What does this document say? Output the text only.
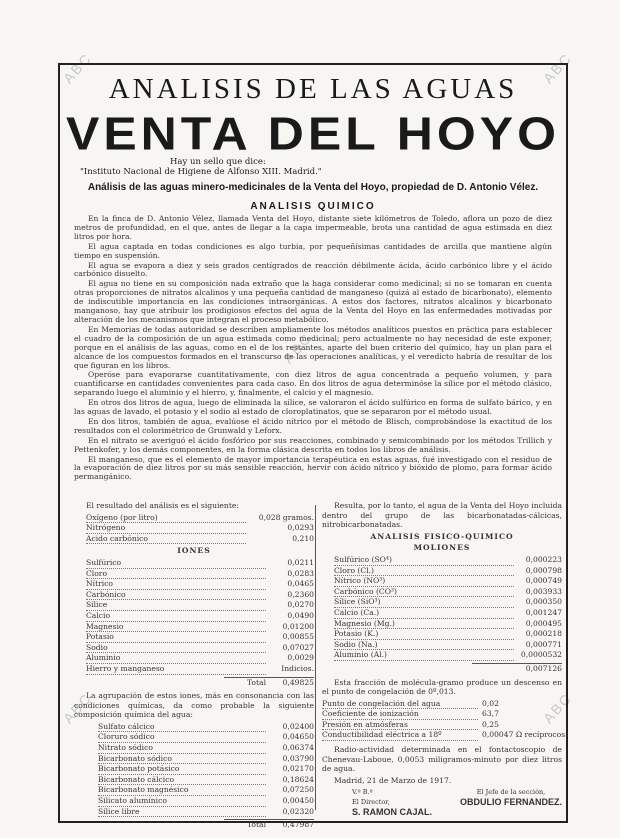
ABC	ABC
ABC
ABC	ABC
ANALISIS DE LAS AGUAS
VENTA DEL HOYO
Hay un sello que dice:
"Instituto Nacional de Higiene de Alfonso XIII. Madrid."
Análisis de las aguas minero-medicinales de la Venta del Hoyo, propiedad de D. Antonio Vélez.
ANALISIS QUIMICO

En la finca de D. Antonio Vélez, llamada Venta del Hoyo, distante siete kilómetros de Toledo, aflora un pozo de diez metros de profundidad, en el que, antes de llegar a la capa impermeable, brota una cantidad de agua estimada en diez litros por hora.

El agua captada en todas condiciones es algo turbia, por pequeñísimas cantidades de arcilla que mantiene algún tiempo en suspensión.

El agua se evapora a diez y seis grados centígrados de reacción débilmente ácida, ácido carbónico libre y el ácido carbónico disuelto.

El agua no tiene en su composición nada extraño que la haga considerar como medicinal; si no se tomaran en cuenta otras proporciones de nitratos alcalinos y una pequeña cantidad de manganeso (quizá al estado de bicarbonato), elemento de indiscutible importancia en las condiciones intraorgánicas. A estos dos factores, nitratos alcalinos y bicarbonato manganoso, hay que atribuir los prodigiosos efectos del agua de la Venta del Hoyo en las enfermedades motivadas por alteración de los mecanismos que integran el proceso metabólico.

En Memorias de todas autoridad se describen ampliamente los métodos analíticos puestos en práctica para establecer el cuadro de la composición de un agua estimada como medicinal; pero actualmente no hay necesidad de este exponer, porque en el análisis de las aguas, como en el de los restantes, aparte del buen criterio del químico, hay un plan para el alcance de los compuestos formados en el transcurso de las operaciones analíticas, y el veredicto habría de resultar de los que figuran en los libros.

Operóse para evaporarse cuantitativamente, con diez litros de agua concentrada a pequeño volumen, y para cuantificarse en cantidades convenientes para cada caso. En dos litros de agua determinóse la sílice por el método clásico, separando luego el aluminio y el hierro, y, finalmente, el calcio y el magnesio.

En otros dos litros de agua, luego de eliminada la sílice, se valoraron el ácido sulfúrico en forma de sulfato bárico, y en las aguas de lavado, el potasio y el sodio al estado de cloroplatinatos, que se separaron por el método usual.

En dos litros, también de agua, evalúose el ácido nítrico por el método de Blisch, comprobándose la exactitud de los resultados con el colorimétrico de Grunwald y Leforx.

En el nitrato se averiguó el ácido fosfórico por sus reacciones, combinado y semicombinado por los métodos Trillich y Pettenkofer, y los demás componentes, en la forma clásica descrita en todos los libros de análisis.

El manganeso, que es el elemento de mayor importancia terapéutica en estas aguas, fué investigado con el residuo de la evaporación de diez litros por su más sensible reacción, hervir con ácido nítrico y bióxido de plomo, para formar ácido permangánico.

El resultado del análisis es el siguiente:
Oxígeno (por litro)	0,028 gramos.
Nitrógeno	0,0293
Acido carbónico	0,210
IONES
Sulfúrico	0,0211
Cloro	0,0283
Nítrico	0,0465
Carbónico	0,2360
Sílice	0,0270
Calcio	0,0490
Magnesio	0,01200
Potasio	0,00855
Sodio	0,07027
Aluminio	0,0029
Hierro y manganeso	Indicios.
Total	0,49825
La agrupación de estos iones, más en consonancia con las condiciones químicas, da como probable la siguiente composición química del agua:
Sulfato cálcico	0,02400
Cloruro sódico	0,04650
Nitrato sódico	0,06374
Bicarbonato sódico	0,03790
Bicarbonato potásico	0,02170
Bicarbonato cálcico	0,18624
Bicarbonato magnésico	0,07250
Silicato alumínico	0,00450
Sílice libre	0,02320
Total	0,47987
Resulta, por lo tanto, el agua de la Venta del Hoyo incluida dentro del grupo de las bicarbonatadas-cálcicas, nitrobicarbonatadas.
ANALISIS FISICO-QUIMICO
MOLIONES
Sulfúrico (SO⁴)	0,000223
Cloro (Cl.)	0,000798
Nítrico (NO³)	0,000749
Carbónico (CO³)	0,003933
Sílice (SiO³)	0,000350
Calcio (Ca.)	0,001247
Magnesio (Mg.)	0,000495
Potasio (K.)	0,000218
Sodio (Na.)	0,000771
Aluminio (Al.)	0,0000532
0,007126
Esta fracción de molécula-gramo produce un descenso en el punto de congelación de 0º,013.
Punto de congelación del agua	0,02
Coeficiente de ionización	63,7
Presión en atmósferas	0,25
Conductibilidad eléctrica a 18º	0,00047 Ω recíprocos.
Radio-actividad determinada en el fontactoscopio de Chenevau-Laboue, 0,0053 miligramos-minuto por diez litros de agua.
Madrid, 21 de Marzo de 1917.
V.º B.º
El Director,
S. RAMON CAJAL.
El Jefe de la sección,
OBDULIO FERNANDEZ.
